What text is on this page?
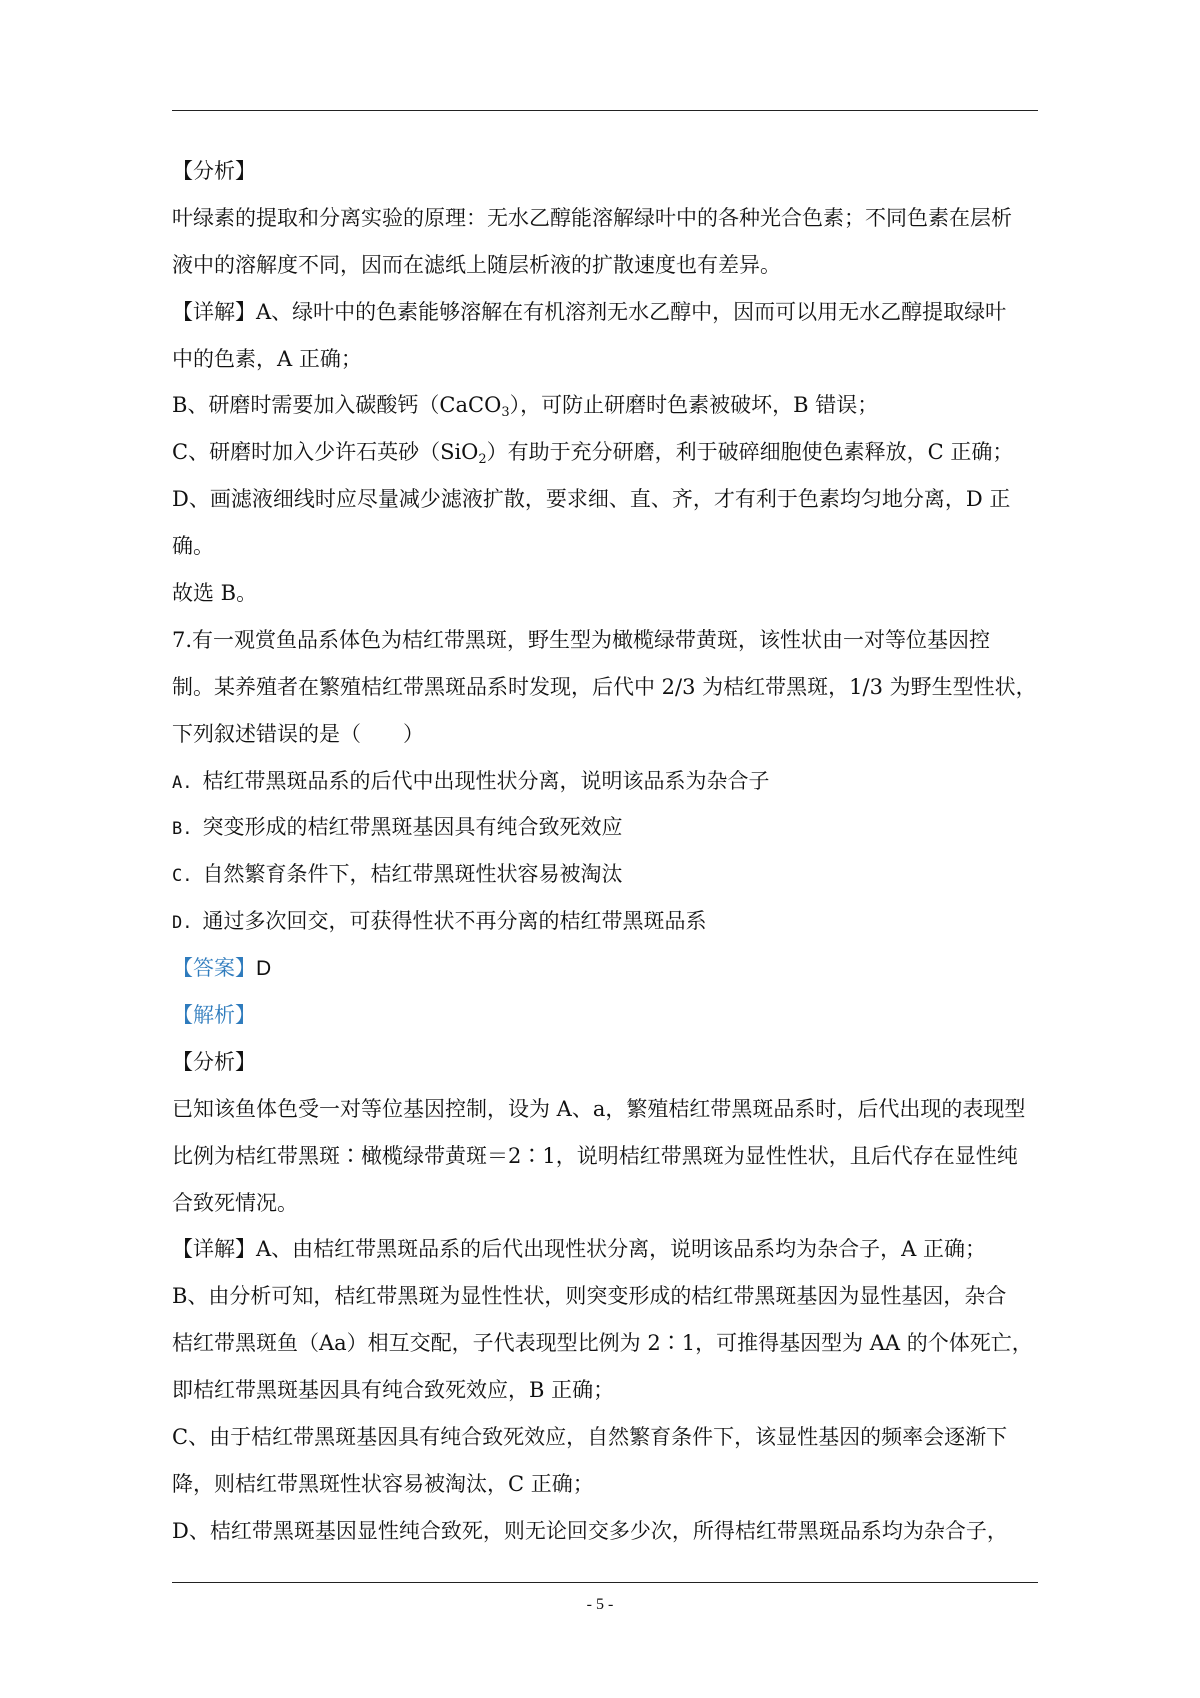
【分析】
叶绿素的提取和分离实验的原理：无水乙醇能溶解绿叶中的各种光合色素；不同色素在层析
液中的溶解度不同，因而在滤纸上随层析液的扩散速度也有差异。
【详解】A、绿叶中的色素能够溶解在有机溶剂无水乙醇中，因而可以用无水乙醇提取绿叶
中的色素，A 正确；
B、研磨时需要加入碳酸钙（CaCO$_3$），可防止研磨时色素被破坏，B 错误；
C、研磨时加入少许石英砂（SiO$_2$）有助于充分研磨，利于破碎细胞使色素释放，C 正确；
D、画滤液细线时应尽量减少滤液扩散，要求细、直、齐，才有利于色素均匀地分离，D 正
确。
故选 B。
7.有一观赏鱼品系体色为桔红带黑斑，野生型为橄榄绿带黄斑，该性状由一对等位基因控
制。某养殖者在繁殖桔红带黑斑品系时发现，后代中 2/3 为桔红带黑斑，1/3 为野生型性状，
下列叙述错误的是（　　）
A. 桔红带黑斑品系的后代中出现性状分离，说明该品系为杂合子
B. 突变形成的桔红带黑斑基因具有纯合致死效应
C. 自然繁育条件下，桔红带黑斑性状容易被淘汰
D. 通过多次回交，可获得性状不再分离的桔红带黑斑品系
【答案】D
【解析】
【分析】
已知该鱼体色受一对等位基因控制，设为 A、a，繁殖桔红带黑斑品系时，后代出现的表现型
比例为桔红带黑斑∶橄榄绿带黄斑＝2∶1，说明桔红带黑斑为显性性状，且后代存在显性纯
合致死情况。
【详解】A、由桔红带黑斑品系的后代出现性状分离，说明该品系均为杂合子，A 正确；
B、由分析可知，桔红带黑斑为显性性状，则突变形成的桔红带黑斑基因为显性基因，杂合
桔红带黑斑鱼（Aa）相互交配，子代表现型比例为 2∶1，可推得基因型为 AA 的个体死亡，
即桔红带黑斑基因具有纯合致死效应，B 正确；
C、由于桔红带黑斑基因具有纯合致死效应，自然繁育条件下，该显性基因的频率会逐渐下
降，则桔红带黑斑性状容易被淘汰，C 正确；
D、桔红带黑斑基因显性纯合致死，则无论回交多少次，所得桔红带黑斑品系均为杂合子，
- 5 -
